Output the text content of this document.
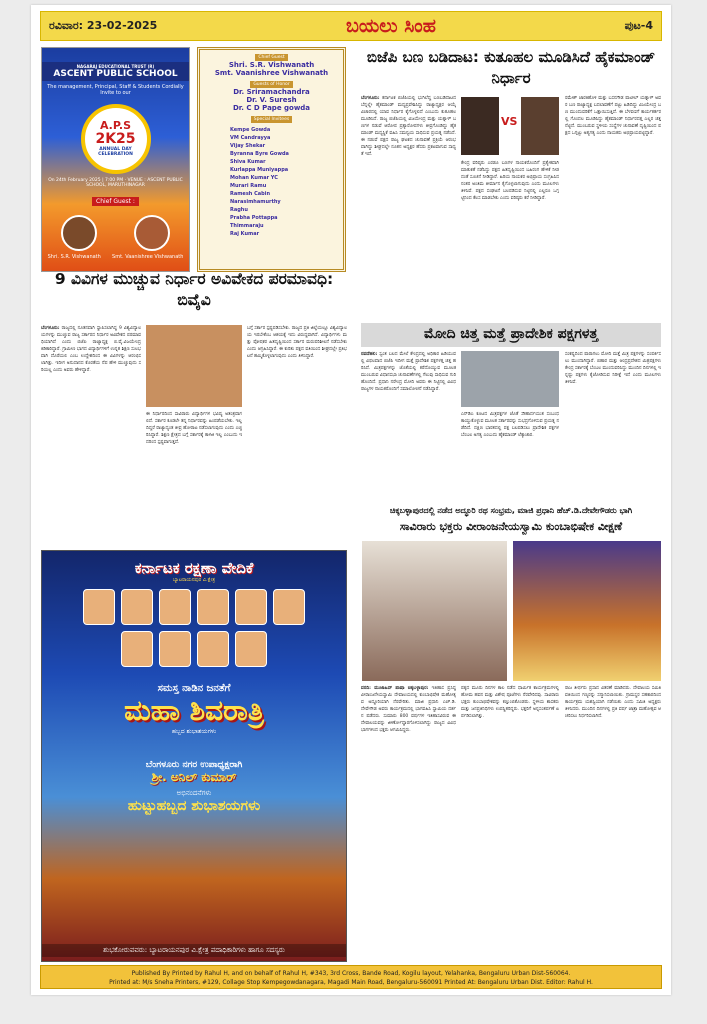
ರವಿವಾರ: 23-02-2025	ಬಯಲು ಸಿಂಹ	ಪುಟ-4
NAGARAJ EDUCATIONAL TRUST (R)
ASCENT PUBLIC SCHOOL
The management, Principal, Staff & Students Cordially Invite to our
A.P.S
2K25
ANNUAL DAY CELEBRATION
On 24th February 2025 | 7:00 PM · VENUE : ASCENT PUBLIC SCHOOL, MARUTHINAGAR
Chief Guest :
Shri. S.R. Vishwanath Smt. Vaanishree Vishwanath
Chief Guest
Shri. S.R. Vishwanath
Smt. Vaanishree Vishwanath
Guests of Honor
Dr. Sriramachandra
Dr. V. Suresh
Dr. C D Pape gowda
Special Invitees
Kempe Gowda
VM Candrayya
Vijay Shekar
Byranna Byre Gowda
Shiva Kumar
Kurlappa Muniyappa
Mohan Kumar YC
Murari Ramu
Ramesh Cabin
Narasimhamurthy
Raghu
Prabha Pottappa
Thimmaraju
Raj Kumar
ಬಿಜೆಪಿ ಬಣ ಬಡಿದಾಟ: ಕುತೂಹಲ ಮೂಡಿಸಿದೆ ಹೈಕಮಾಂಡ್ ನಿರ್ಧಾರ
ಬೆಂಗಳೂರು: ಕರ್ನಾಟಕ ಬಿಜೆಪಿಯಲ್ಲಿ ಭುಗಿಲೆದ್ದ ಬಣಬಡಿದಾಟದ ಬೆನ್ನಲ್ಲೇ ಹೈಕಮಾಂಡ್ ಮಧ್ಯಪ್ರವೇಶಿಸಿದ್ದು ರಾಜ್ಯಾಧ್ಯಕ್ಷರ ಆಯ್ಕೆ ವಿಚಾರದಲ್ಲಿ ಯಾವ ನಿರ್ಧಾರ ಕೈಗೊಳ್ಳಲಿದೆ ಎಂಬುದು ಕುತೂಹಲ ಮೂಡಿಸಿದೆ. ರಾಜ್ಯ ಬಿಜೆಪಿಯಲ್ಲಿ ವಿಜಯೇಂದ್ರ ಮತ್ತು ಯತ್ನಾಳ್ ಬಣಗಳ ನಡುವೆ ಆರೋಪ ಪ್ರತ್ಯಾರೋಪಗಳು ತೀವ್ರಗೊಂಡಿದ್ದು ಹೈಕಮಾಂಡ್ ಮಧ್ಯಸ್ಥಿಕೆ ವಹಿಸಿ ಸಮನ್ವಯ ಸಾಧಿಸುವ ಪ್ರಯತ್ನ ನಡೆಸಿದೆ. ಈ ನಡುವೆ ಪಕ್ಷದ ರಾಜ್ಯ ಘಟಕದ ಚುನಾವಣೆ ಪ್ರಕ್ರಿಯೆ ಆರಂಭವಾಗಿದ್ದು ಶೀಘ್ರದಲ್ಲೇ ನೂತನ ಅಧ್ಯಕ್ಷರ ಹೆಸರು ಪ್ರಕಟವಾಗುವ ಸಾಧ್ಯತೆ ಇದೆ.
VS
ಕೇಂದ್ರ ವರಿಷ್ಠರು ಎರಡೂ ಬಣಗಳ ನಾಯಕರೊಂದಿಗೆ ಪ್ರತ್ಯೇಕವಾಗಿ ಮಾತುಕತೆ ನಡೆಸಿದ್ದು ಪಕ್ಷದ ಹಿತದೃಷ್ಟಿಯಿಂದ ಬಹಿರಂಗ ಹೇಳಿಕೆ ನೀಡದಂತೆ ಸೂಚನೆ ನೀಡಿದ್ದಾರೆ. ಹಿರಿಯ ನಾಯಕರ ಅಭಿಪ್ರಾಯ ಸಂಗ್ರಹಿಸಿದ ನಂತರ ಅಂತಿಮ ತೀರ್ಮಾನ ಕೈಗೊಳ್ಳಲಾಗುವುದು ಎಂದು ಮೂಲಗಳು ತಿಳಿಸಿವೆ. ಪಕ್ಷದ ಸಂಘಟನೆ ಬಲಪಡಿಸುವ ನಿಟ್ಟಿನಲ್ಲಿ ಎಲ್ಲರೂ ಒಗ್ಗಟ್ಟಿನಿಂದ ಕೆಲಸ ಮಾಡಬೇಕು ಎಂದು ವರಿಷ್ಠರು ಕರೆ ನೀಡಿದ್ದಾರೆ.
ರಮೇಶ್ ಜಾರಕಿಹೊಳಿ ಮತ್ತು ಬಸನಗೌಡ ಪಾಟೀಲ್ ಯತ್ನಾಳ್ ಅವರ ಬಣ ರಾಜ್ಯಾಧ್ಯಕ್ಷ ಬದಲಾವಣೆಗೆ ಪಟ್ಟು ಹಿಡಿದಿದ್ದು ವಿಜಯೇಂದ್ರ ಬಣ ಮುಂದುವರಿಕೆಗೆ ಒತ್ತಾಯಿಸುತ್ತಿದೆ. ಈ ಬೆಳವಣಿಗೆ ಕಾರ್ಯಕರ್ತರಲ್ಲಿ ಗೊಂದಲ ಮೂಡಿಸಿದ್ದು ಹೈಕಮಾಂಡ್ ನಿರ್ಧಾರದತ್ತ ಎಲ್ಲರ ಚಿತ್ತ ನೆಟ್ಟಿದೆ. ಮುಂಬರುವ ಸ್ಥಳೀಯ ಸಂಸ್ಥೆಗಳ ಚುನಾವಣೆ ದೃಷ್ಟಿಯಿಂದ ಪಕ್ಷದ ಒಗ್ಗಟ್ಟು ಅತ್ಯಗತ್ಯ ಎಂದು ನಾಯಕರು ಅಭಿಪ್ರಾಯಪಟ್ಟಿದ್ದಾರೆ.
9 ವಿವಿಗಳ ಮುಚ್ಚುವ ನಿರ್ಧಾರ ಅವಿವೇಕದ ಪರಮಾವಧಿ: ಬಿವೈವಿ
ಬೆಂಗಳೂರು: ರಾಜ್ಯದಲ್ಲಿ ನೂತನವಾಗಿ ಸ್ಥಾಪಿಸಲಾಗಿದ್ದ 9 ವಿಶ್ವವಿದ್ಯಾಲಯಗಳನ್ನು ಮುಚ್ಚುವ ರಾಜ್ಯ ಸರ್ಕಾರದ ನಿರ್ಧಾರ ಅವಿವೇಕದ ಪರಮಾವಧಿಯಾಗಿದೆ ಎಂದು ಬಿಜೆಪಿ ರಾಜ್ಯಾಧ್ಯಕ್ಷ ಬಿ.ವೈ.ವಿಜಯೇಂದ್ರ ಕಿಡಿಕಾರಿದ್ದಾರೆ. ಗ್ರಾಮೀಣ ಭಾಗದ ವಿದ್ಯಾರ್ಥಿಗಳಿಗೆ ಉನ್ನತ ಶಿಕ್ಷಣ ಸುಲಭವಾಗಿ ದೊರೆಯಲಿ ಎಂಬ ಉದ್ದೇಶದಿಂದ ಈ ವಿವಿಗಳನ್ನು ಆರಂಭಿಸಲಾಗಿತ್ತು. ಇದೀಗ ಅನುದಾನದ ಕೊರತೆಯ ನೆಪ ಹೇಳಿ ಮುಚ್ಚುವುದು ಸರಿಯಲ್ಲ ಎಂದು ಅವರು ಹೇಳಿದ್ದಾರೆ.
ಈ ನಿರ್ಧಾರದಿಂದ ಸಾವಿರಾರು ವಿದ್ಯಾರ್ಥಿಗಳ ಭವಿಷ್ಯ ಅತಂತ್ರವಾಗಲಿದೆ. ಸರ್ಕಾರ ಕೂಡಲೇ ತನ್ನ ನಿರ್ಧಾರವನ್ನು ಹಿಂಪಡೆಯಬೇಕು. ಇಲ್ಲದಿದ್ದರೆ ರಾಜ್ಯಾದ್ಯಂತ ತೀವ್ರ ಹೋರಾಟ ನಡೆಸಲಾಗುವುದು ಎಂದು ಎಚ್ಚರಿಸಿದ್ದಾರೆ. ಶಿಕ್ಷಣ ಕ್ಷೇತ್ರದ ಬಗ್ಗೆ ಸರ್ಕಾರಕ್ಕೆ ಕಾಳಜಿ ಇಲ್ಲ ಎಂಬುದು ಇದರಿಂದ ಸ್ಪಷ್ಟವಾಗುತ್ತದೆ.
ಬಗ್ಗೆ ಸರ್ಕಾರ ಸ್ಪಷ್ಟಪಡಿಸಬೇಕು. ರಾಜ್ಯದ ಪ್ರತಿ ಜಿಲ್ಲೆಯಲ್ಲೂ ವಿಶ್ವವಿದ್ಯಾಲಯ ಇರಬೇಕೆಂಬ ಆಶಯಕ್ಕೆ ಇದು ವಿರುದ್ಧವಾಗಿದೆ. ವಿದ್ಯಾರ್ಥಿಗಳು ಮತ್ತು ಪೋಷಕರ ಹಿತದೃಷ್ಟಿಯಿಂದ ಸರ್ಕಾರ ಮರುಪರಿಶೀಲನೆ ನಡೆಸಬೇಕು ಎಂದು ಆಗ್ರಹಿಸಿದ್ದಾರೆ. ಈ ಕುರಿತು ಪಕ್ಷದ ವತಿಯಿಂದ ಶೀಘ್ರದಲ್ಲೇ ಪ್ರತಿಭಟನೆ ಹಮ್ಮಿಕೊಳ್ಳಲಾಗುವುದು ಎಂದು ತಿಳಿಸಿದ್ದಾರೆ.
ಮೋದಿ ಚಿತ್ತ ಮತ್ತೆ ಪ್ರಾದೇಶಿಕ ಪಕ್ಷಗಳತ್ತ
ನವದೆಹಲಿ: ಸ್ವಂತ ಬಲದ ಮೇಲೆ ಕೇಂದ್ರದಲ್ಲಿ ಅಧಿಕಾರ ಹಿಡಿಯುವಲ್ಲಿ ವಿಫಲವಾದ ಬಿಜೆಪಿ ಇದೀಗ ಮತ್ತೆ ಪ್ರಾದೇಶಿಕ ಪಕ್ಷಗಳತ್ತ ಚಿತ್ತ ಹರಿಸಿದೆ. ಮಿತ್ರಪಕ್ಷಗಳನ್ನು ಜೊತೆಯಲ್ಲಿ ಕರೆದೊಯ್ಯುವ ಮೂಲಕ ಮುಂಬರುವ ವಿಧಾನಸಭಾ ಚುನಾವಣೆಗಳಲ್ಲಿ ಗೆಲುವು ಸಾಧಿಸುವ ಗುರಿ ಹೊಂದಿದೆ. ಪ್ರಧಾನಿ ನರೇಂದ್ರ ಮೋದಿ ಅವರು ಈ ನಿಟ್ಟಿನಲ್ಲಿ ವಿವಿಧ ರಾಜ್ಯಗಳ ನಾಯಕರೊಂದಿಗೆ ಸಮಾಲೋಚನೆ ನಡೆಸಿದ್ದಾರೆ.
ಎನ್‌ಡಿಎ ಕೂಟದ ಮಿತ್ರಪಕ್ಷಗಳ ಜೊತೆ ಸೌಹಾರ್ದಯುತ ಸಂಬಂಧ ಕಾಯ್ದುಕೊಳ್ಳುವ ಮೂಲಕ ಸರ್ಕಾರವನ್ನು ಸುಭದ್ರಗೊಳಿಸುವ ಪ್ರಯತ್ನ ನಡೆದಿದೆ. ದಕ್ಷಿಣ ಭಾರತದಲ್ಲಿ ಪಕ್ಷ ಬಲಪಡಿಸಲು ಪ್ರಾದೇಶಿಕ ಪಕ್ಷಗಳ ಬೆಂಬಲ ಅಗತ್ಯ ಎಂಬುದು ಹೈಕಮಾಂಡ್ ಲೆಕ್ಕಾಚಾರ.
ಸಂಕಷ್ಟದಿಂದ ಪಾರಾಗಲು ಮೋದಿ ಮತ್ತೆ ಮಿತ್ರ ಪಕ್ಷಗಳನ್ನು ಸಂಪರ್ಕಿಸಲು ಮುಂದಾಗಿದ್ದಾರೆ. ಬಿಹಾರ ಮತ್ತು ಆಂಧ್ರಪ್ರದೇಶದ ಮಿತ್ರಪಕ್ಷಗಳು ಕೇಂದ್ರ ಸರ್ಕಾರಕ್ಕೆ ಬೆಂಬಲ ಮುಂದುವರಿಸಿದ್ದು ಮುಂದಿನ ದಿನಗಳಲ್ಲಿ ಇನ್ನಷ್ಟು ಪಕ್ಷಗಳು ಕೈಜೋಡಿಸುವ ನಿರೀಕ್ಷೆ ಇದೆ ಎಂದು ಮೂಲಗಳು ತಿಳಿಸಿವೆ.
ಚಿಕ್ಕಬಳ್ಳಾಪುರದಲ್ಲಿ ನಡೆದ ಅದ್ಧೂರಿ ರಥ ಸಂಭ್ರಮ, ಮಾಜಿ ಪ್ರಧಾನಿ ಹೆಚ್.ಡಿ.ದೇವೇಗೌಡರು ಭಾಗಿ
ಸಾವಿರಾರು ಭಕ್ತರು ವೀರಾಂಜನೇಯಸ್ವಾಮಿ ಕುಂಬಾಭಿಷೇಕ ವೀಕ್ಷಣೆ
ವರದಿ: ಮುಜಾಹಿದ್ ಪಾಷಾ ಚಿಕ್ಕಬಳ್ಳಾಪುರ: ಇತಿಹಾಸ ಪ್ರಸಿದ್ಧ ವೀರಾಂಜನೇಯಸ್ವಾಮಿ ದೇವಾಲಯದಲ್ಲಿ ಕುಂಬಾಭಿಷೇಕ ಮಹೋತ್ಸವ ಅದ್ಧೂರಿಯಾಗಿ ನೆರವೇರಿತು. ಮಾಜಿ ಪ್ರಧಾನಿ ಎಚ್.ಡಿ.ದೇವೇಗೌಡ ಅವರು ಕಾರ್ಯಕ್ರಮದಲ್ಲಿ ಭಾಗವಹಿಸಿ ಸ್ವಾಮಿಯ ದರ್ಶನ ಪಡೆದರು. ಸುಮಾರು 800 ವರ್ಷಗಳ ಇತಿಹಾಸವಿರುವ ಈ ದೇವಾಲಯವನ್ನು ಜೀರ್ಣೋದ್ಧಾರಗೊಳಿಸಲಾಗಿದ್ದು ರಾಜ್ಯದ ವಿವಿಧ ಭಾಗಗಳಿಂದ ಭಕ್ತರು ಆಗಮಿಸಿದ್ದರು.
ಪಕ್ಕದ ಮೂರು ದಿನಗಳ ಕಾಲ ನಡೆದ ಧಾರ್ಮಿಕ ಕಾರ್ಯಕ್ರಮಗಳಲ್ಲಿ ಹೋಮ ಹವನ ಮತ್ತು ವಿಶೇಷ ಪೂಜೆಗಳು ನೆರವೇರಿದವು. ಸಾವಿರಾರು ಭಕ್ತರು ಕುಂಬಾಭಿಷೇಕವನ್ನು ಕಣ್ತುಂಬಿಕೊಂಡರು. ಸ್ಥಳೀಯ ಶಾಸಕರು ಮತ್ತು ಜನಪ್ರತಿನಿಧಿಗಳು ಉಪಸ್ಥಿತರಿದ್ದರು. ಭಕ್ತರಿಗೆ ಅನ್ನಸಂತರ್ಪಣೆ ಏರ್ಪಡಿಸಲಾಗಿತ್ತು.
ರಾಜ ತೀರ್ಥರು ಪ್ರಸಾದ ವಿತರಣೆ ಮಾಡಿದರು. ದೇವಾಲಯ ಸಮಿತಿ ವತಿಯಿಂದ ಗಣ್ಯರನ್ನು ಸನ್ಮಾನಿಸಲಾಯಿತು. ಗ್ರಾಮಸ್ಥರ ಸಹಕಾರದಿಂದ ಕಾರ್ಯಕ್ರಮ ಯಶಸ್ವಿಯಾಗಿ ನಡೆಯಿತು ಎಂದು ಸಮಿತಿ ಅಧ್ಯಕ್ಷರು ತಿಳಿಸಿದರು. ಮುಂದಿನ ದಿನಗಳಲ್ಲಿ ಪ್ರತಿ ವರ್ಷ ಜಾತ್ರಾ ಮಹೋತ್ಸವ ಆಚರಿಸಲು ನಿರ್ಧರಿಸಲಾಗಿದೆ.
ಕರ್ನಾಟಕ ರಕ್ಷಣಾ ವೇದಿಕೆ
ಬ್ಯಾಟರಾಯನಪುರ ವಿ.ಕ್ಷೇತ್ರ
ಸಮಸ್ತ ನಾಡಿನ ಜನತೆಗೆ
ಮಹಾ ಶಿವರಾತ್ರಿ
ಹಬ್ಬದ ಶುಭಾಶಯಗಳು
ಬೆಂಗಳೂರು ನಗರ ಉಪಾಧ್ಯಕ್ಷರಾಗಿ
ಶ್ರೀ. ಅನಿಲ್ ಕುಮಾರ್
ಅಭಿನಂದನೆಗಳು
ಹುಟ್ಟುಹಬ್ಬದ ಶುಭಾಶಯಗಳು
ಶುಭಕೋರುವವರು: ಬ್ಯಾಟರಾಯನಪುರ ವಿ.ಕ್ಷೇತ್ರ ಪದಾಧಿಕಾರಿಗಳು ಹಾಗೂ ಸದಸ್ಯರು
Published By Printed by Rahul H, and on behalf of Rahul H, #343, 3rd Cross, Bande Road, Kogilu layout, Yelahanka, Bengaluru Urban Dist-560064.
Printed at: M/s Sneha Printers, #129, Collage Stop Kempegowdanagara, Magadi Main Road, Bengaluru-560091 Printed At: Bengaluru Urban Dist. Editor: Rahul H.
